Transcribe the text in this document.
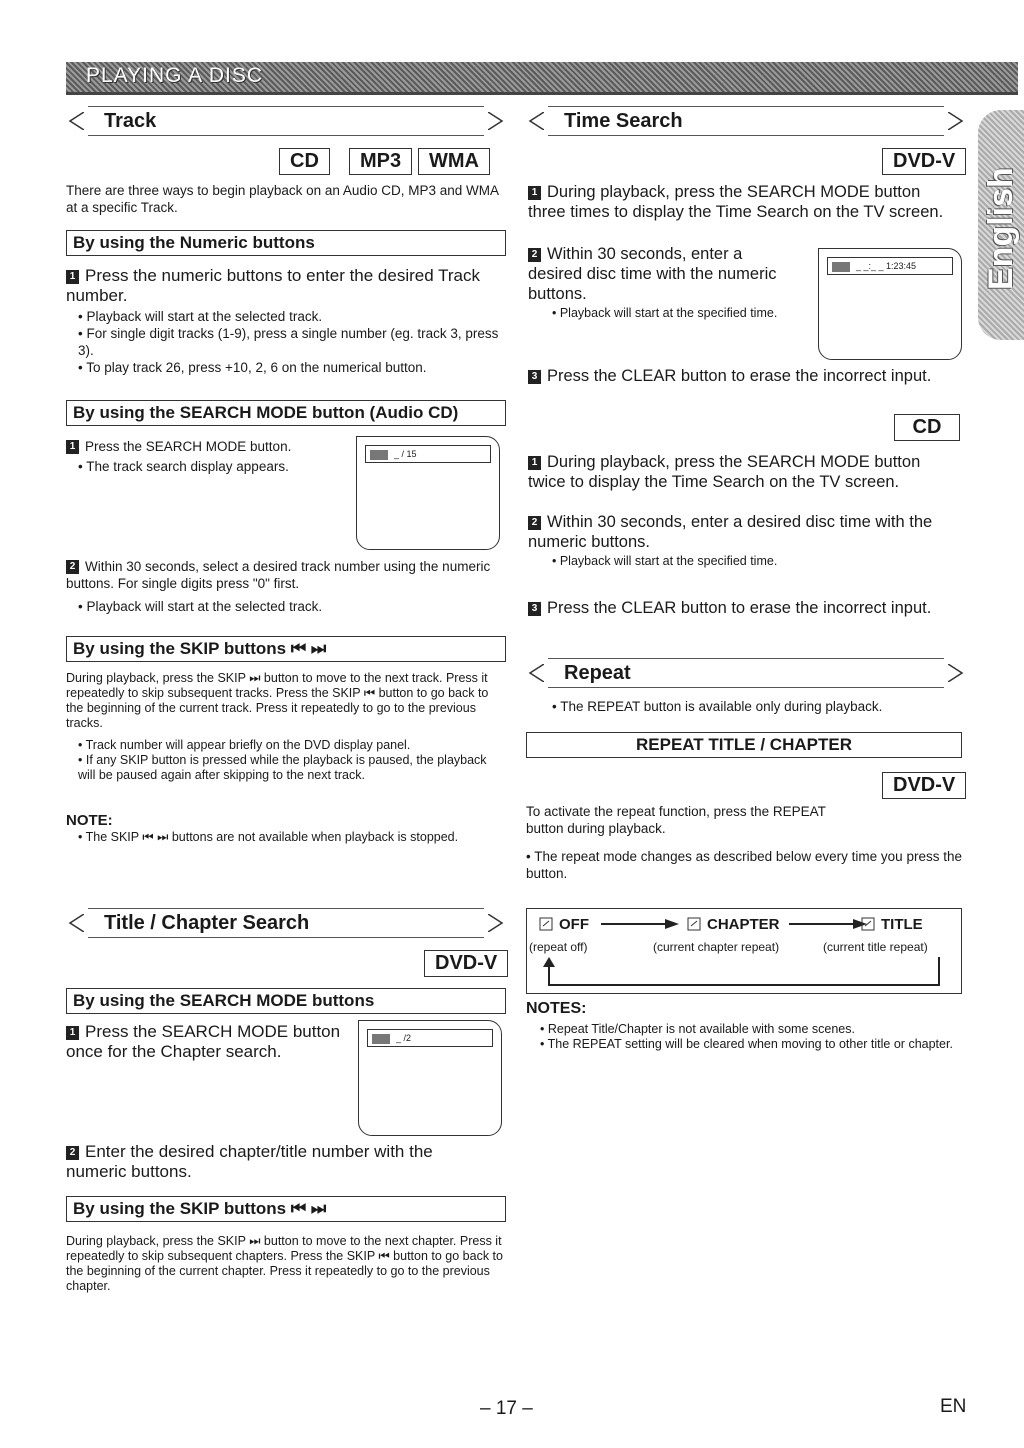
PLAYING A DISC
English
Track
CD	MP3	WMA
There are three ways to begin playback on an Audio CD, MP3 and WMA at a specific Track.
By using the Numeric buttons
1 Press the numeric buttons to enter the desired Track number.
• Playback will start at the selected track.
• For single digit tracks (1-9), press a single number (eg. track 3, press 3).
• To play track 26, press +10, 2, 6 on the numerical button.
By using the SEARCH MODE button (Audio CD)
1 Press the SEARCH MODE button.
• The track search display appears.
_ / 15
2 Within 30 seconds, select a desired track number using the numeric buttons. For single digits press "0" first.
• Playback will start at the selected track.
By using the SKIP buttons ⏮ ⏭
During playback, press the SKIP ⏭ button to move to the next track. Press it repeatedly to skip subsequent tracks. Press the SKIP ⏮ button to go back to the beginning of the current track. Press it repeatedly to go to the previous tracks.
• Track number will appear briefly on the DVD display panel.
• If any SKIP button is pressed while the playback is paused, the playback will be paused again after skipping to the next track.
NOTE:
• The SKIP ⏮ ⏭ buttons are not available when playback is stopped.
Title / Chapter Search
DVD-V
By using the SEARCH MODE buttons
1 Press the SEARCH MODE button once for the Chapter search.
_ /2
2 Enter the desired chapter/title number with the numeric buttons.
By using the SKIP buttons ⏮ ⏭
During playback, press the SKIP ⏭ button to move to the next chapter. Press it repeatedly to skip subsequent chapters. Press the SKIP ⏮ button to go back to the beginning of the current chapter. Press it repeatedly to go to the previous chapter.
Time Search
DVD-V
1 During playback, press the SEARCH MODE button three times to display the Time Search on the TV screen.
2 Within 30 seconds, enter a desired disc time with the numeric buttons.
• Playback will start at the specified time.
_ _:_ _ 1:23:45
3 Press the CLEAR button to erase the incorrect input.
CD
1 During playback, press the SEARCH MODE button twice to display the Time Search on the TV screen.
2 Within 30 seconds, enter a desired disc time with the numeric buttons.
• Playback will start at the specified time.
3 Press the CLEAR button to erase the incorrect input.
Repeat
• The REPEAT button is available only during playback.
REPEAT TITLE / CHAPTER
DVD-V
To activate the repeat function, press the REPEAT button during playback.
• The repeat mode changes as described below every time you press the button.
OFF	CHAPTER	TITLE
(repeat off)	(current chapter repeat)	(current title repeat)
NOTES:
• Repeat Title/Chapter is not available with some scenes.
• The REPEAT setting will be cleared when moving to other title or chapter.
– 17 –	EN
